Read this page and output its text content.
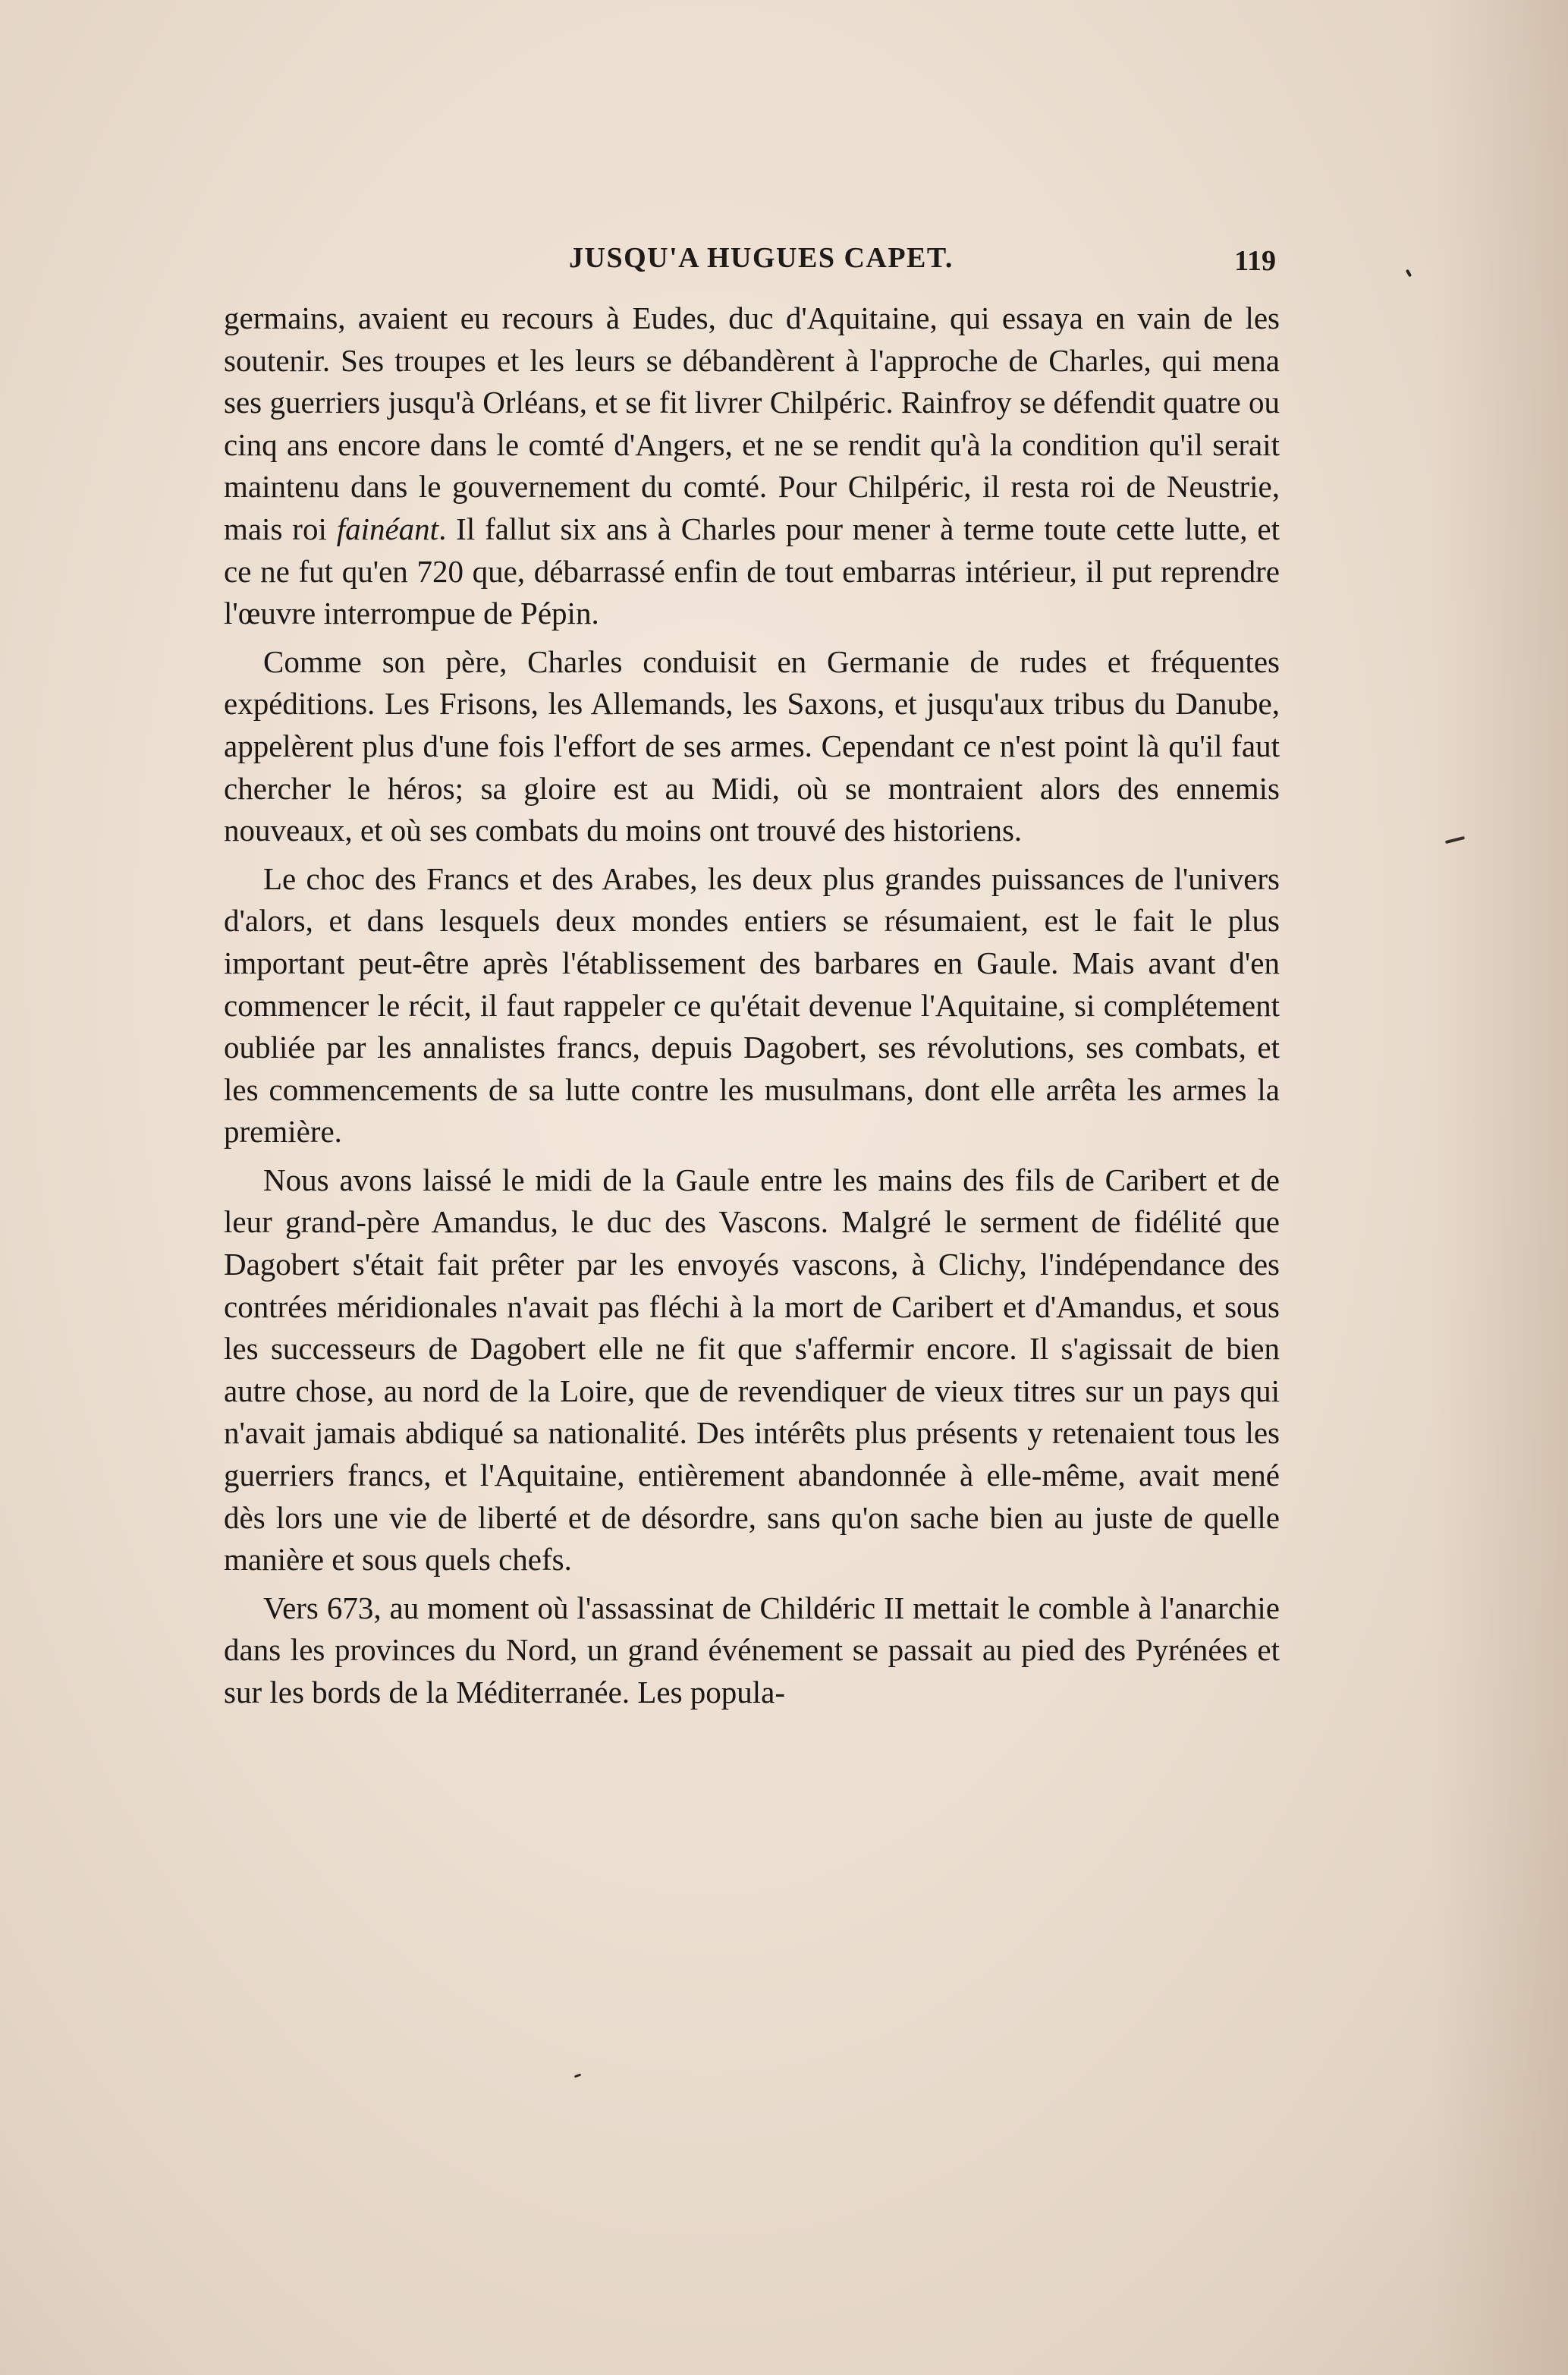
JUSQU'A HUGUES CAPET.	119

germains, avaient eu recours à Eudes, duc d'Aquitaine, qui essaya en vain de les soutenir. Ses troupes et les leurs se débandèrent à l'approche de Charles, qui mena ses guerriers jusqu'à Orléans, et se fit livrer Chilpéric. Rainfroy se défendit quatre ou cinq ans encore dans le comté d'Angers, et ne se rendit qu'à la condition qu'il serait maintenu dans le gouvernement du comté. Pour Chilpéric, il resta roi de Neustrie, mais roi fainéant. Il fallut six ans à Charles pour mener à terme toute cette lutte, et ce ne fut qu'en 720 que, débarrassé enfin de tout embarras intérieur, il put reprendre l'œuvre interrompue de Pépin.

Comme son père, Charles conduisit en Germanie de rudes et fréquentes expéditions. Les Frisons, les Allemands, les Saxons, et jusqu'aux tribus du Danube, appelèrent plus d'une fois l'effort de ses armes. Cependant ce n'est point là qu'il faut chercher le héros; sa gloire est au Midi, où se montraient alors des ennemis nouveaux, et où ses combats du moins ont trouvé des historiens.

Le choc des Francs et des Arabes, les deux plus grandes puissances de l'univers d'alors, et dans lesquels deux mondes entiers se résumaient, est le fait le plus important peut-être après l'établissement des barbares en Gaule. Mais avant d'en commencer le récit, il faut rappeler ce qu'était devenue l'Aquitaine, si complétement oubliée par les annalistes francs, depuis Dagobert, ses révolutions, ses combats, et les commencements de sa lutte contre les musulmans, dont elle arrêta les armes la première.

Nous avons laissé le midi de la Gaule entre les mains des fils de Caribert et de leur grand-père Amandus, le duc des Vascons. Malgré le serment de fidélité que Dagobert s'était fait prêter par les envoyés vascons, à Clichy, l'indépendance des contrées méridionales n'avait pas fléchi à la mort de Caribert et d'Amandus, et sous les successeurs de Dagobert elle ne fit que s'affermir encore. Il s'agissait de bien autre chose, au nord de la Loire, que de revendiquer de vieux titres sur un pays qui n'avait jamais abdiqué sa nationalité. Des intérêts plus présents y retenaient tous les guerriers francs, et l'Aquitaine, entièrement abandonnée à elle-même, avait mené dès lors une vie de liberté et de désordre, sans qu'on sache bien au juste de quelle manière et sous quels chefs.

Vers 673, au moment où l'assassinat de Childéric II mettait le comble à l'anarchie dans les provinces du Nord, un grand événement se passait au pied des Pyrénées et sur les bords de la Méditerranée. Les popula-
